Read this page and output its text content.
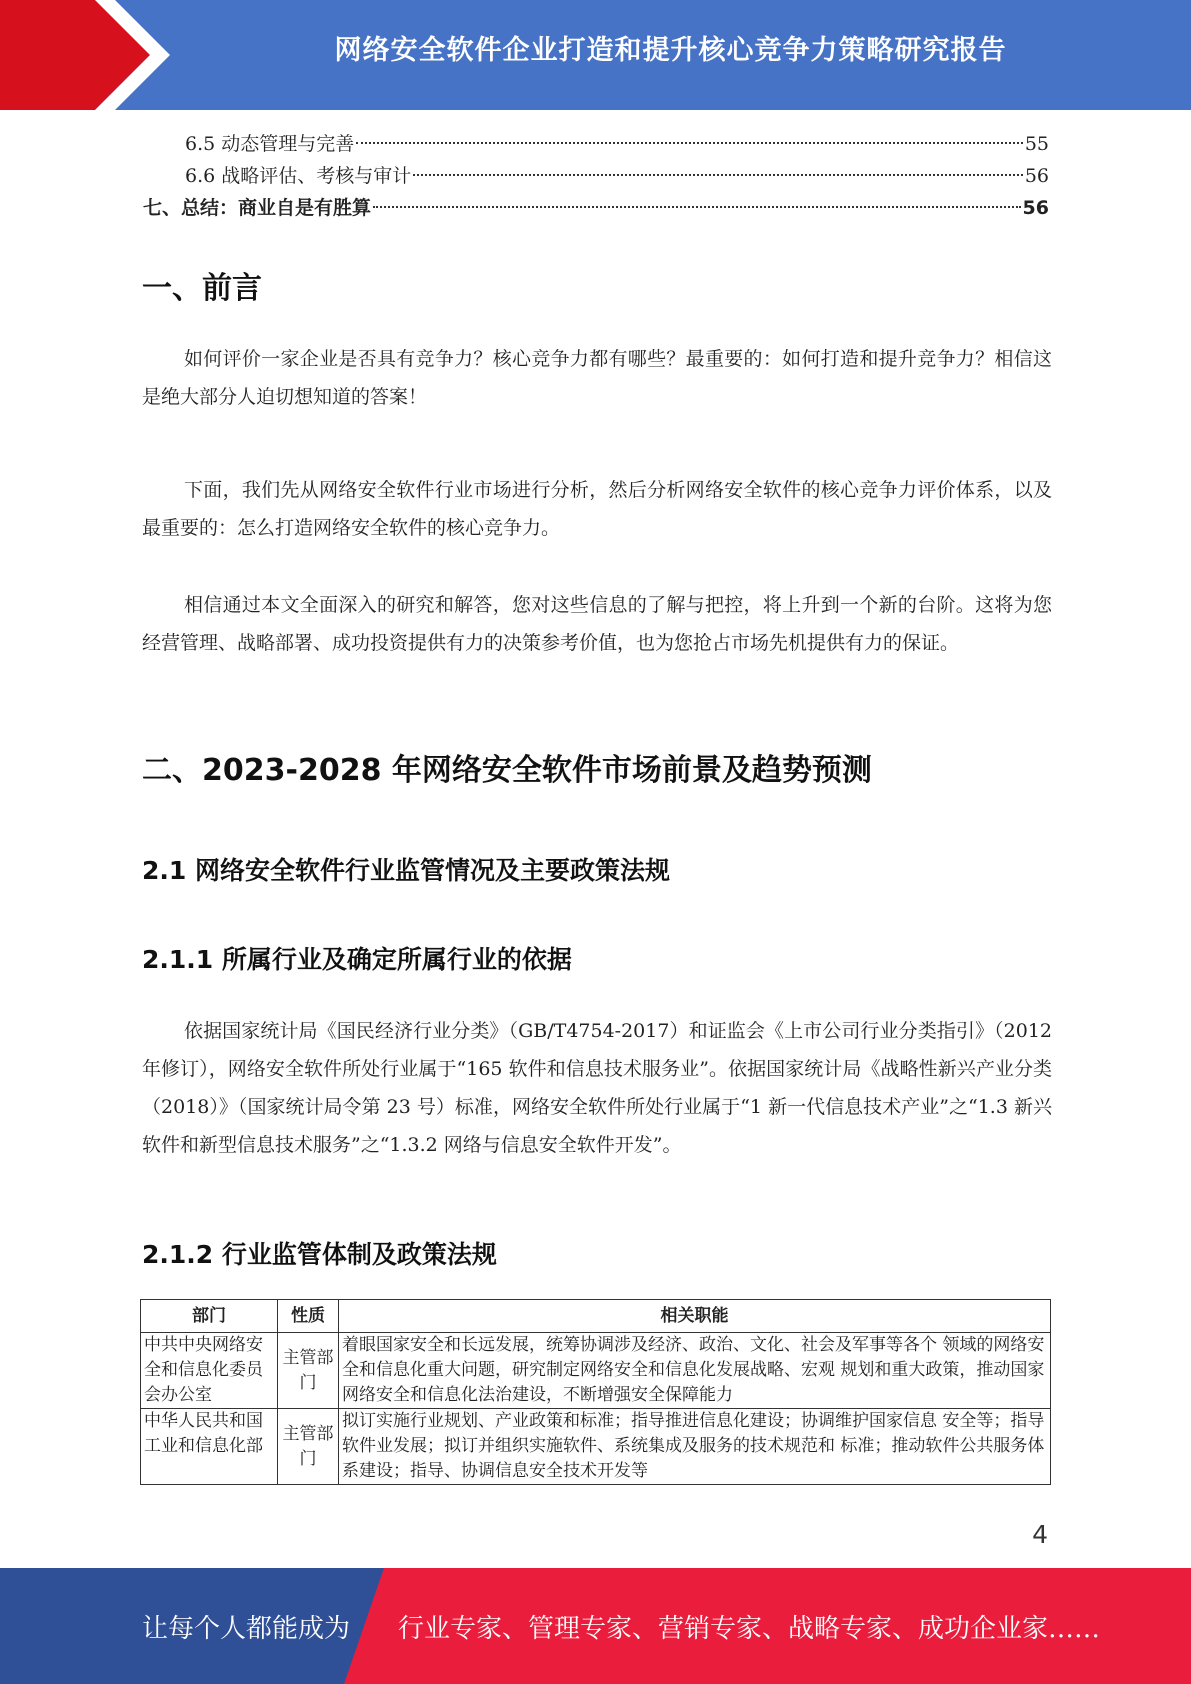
网络安全软件企业打造和提升核心竞争力策略研究报告
6.5 动态管理与完善	55
6.6 战略评估、考核与审计	56
七、总结：商业自是有胜算	56
一、前言

如何评价一家企业是否具有竞争力？核心竞争力都有哪些？最重要的：如何打造和提升竞争力？相信这是绝大部分人迫切想知道的答案！

下面，我们先从网络安全软件行业市场进行分析，然后分析网络安全软件的核心竞争力评价体系，以及最重要的：怎么打造网络安全软件的核心竞争力。

相信通过本文全面深入的研究和解答，您对这些信息的了解与把控，将上升到一个新的台阶。这将为您经营管理、战略部署、成功投资提供有力的决策参考价值，也为您抢占市场先机提供有力的保证。

二、2023-2028 年网络安全软件市场前景及趋势预测
2.1 网络安全软件行业监管情况及主要政策法规
2.1.1 所属行业及确定所属行业的依据

依据国家统计局《国民经济行业分类》（GB/T4754-2017）和证监会《上市公司行业分类指引》（2012 年修订），网络安全软件所处行业属于“165 软件和信息技术服务业”。依据国家统计局《战略性新兴产业分类（2018）》（国家统计局令第 23 号）标准，网络安全软件所处行业属于“1 新一代信息技术产业”之“1.3 新兴软件和新型信息技术服务”之“1.3.2 网络与信息安全软件开发”。

2.1.2 行业监管体制及政策法规
部门	性质	相关职能
中共中央网络安全和信息化委员会办公室	主管部门	着眼国家安全和长远发展，统筹协调涉及经济、政治、文化、社会及军事等各个 领域的网络安全和信息化重大问题，研究制定网络安全和信息化发展战略、宏观 规划和重大政策，推动国家网络安全和信息化法治建设，不断增强安全保障能力
中华人民共和国工业和信息化部	主管部门	拟订实施行业规划、产业政策和标准；指导推进信息化建设；协调维护国家信息 安全等；指导软件业发展；拟订并组织实施软件、系统集成及服务的技术规范和 标准；推动软件公共服务体系建设；指导、协调信息安全技术开发等
4
让每个人都能成为 行业专家、管理专家、营销专家、战略专家、成功企业家……
